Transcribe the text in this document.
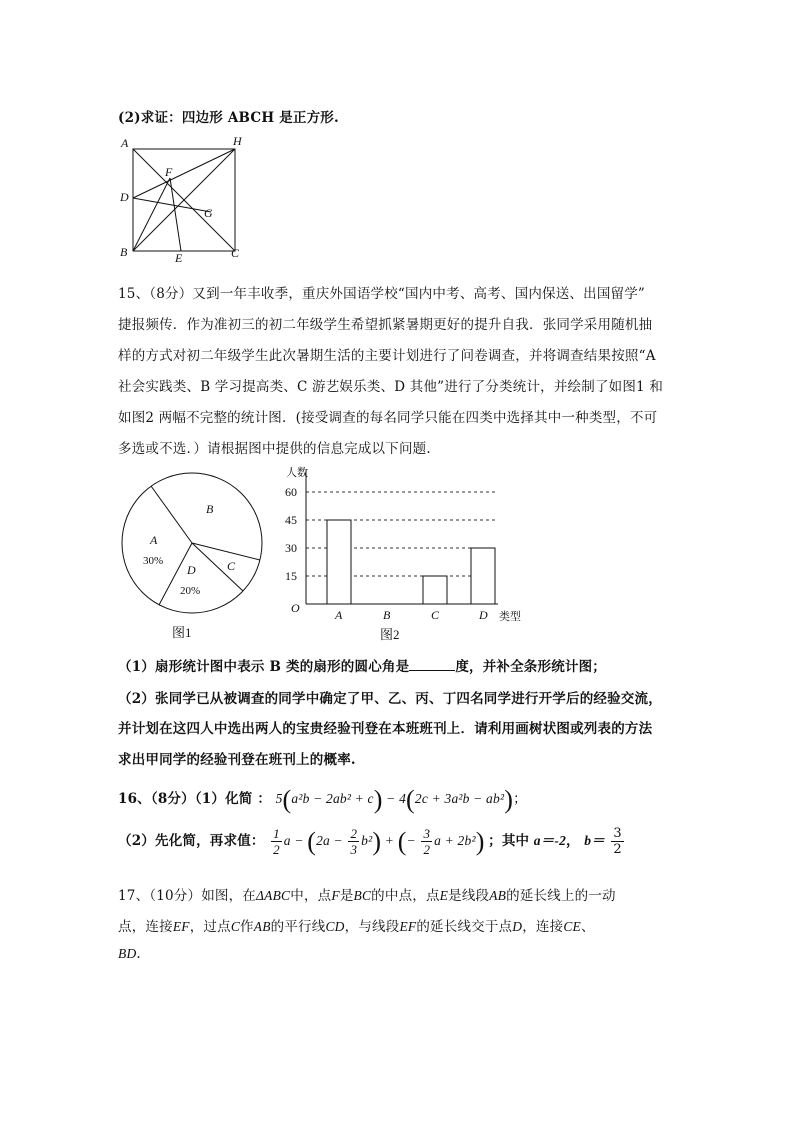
(2)求证：四边形 ABCH 是正方形.
A	H
D
F
G
B	E	C
15、（8分）又到一年丰收季，重庆外国语学校“国内中考、高考、国内保送、出国留学”
捷报频传．作为准初三的初二年级学生希望抓紧暑期更好的提升自我．张同学采用随机抽
样的方式对初二年级学生此次暑期生活的主要计划进行了问卷调查，并将调查结果按照“A
社会实践类、B 学习提高类、C 游艺娱乐类、D 其他”进行了分类统计，并绘制了如图1 和
如图2 两幅不完整的统计图．(接受调查的每名同学只能在四类中选择其中一种类型，不可
多选或不选．）请根据图中提供的信息完成以下问题.
A
30%
B
C
D
20%
图1
15
30
45
60
A	B	C	D
人数
类型
O
图2
（1）扇形统计图中表示 B 类的扇形的圆心角是	度，并补全条形统计图；
（2）张同学已从被调查的同学中确定了甲、乙、丙、丁四名同学进行开学后的经验交流，
并计划在这四人中选出两人的宝贵经验刊登在本班班刊上．请利用画树状图或列表的方法
求出甲同学的经验刊登在班刊上的概率.
16、（8分）（1）化简 ： 5(a²b − 2ab² + c) − 4(2c + 3a²b − ab²)；
（2）先化简，再求值： $\frac{1}{2}$ $a - (2a - \frac{2}{3} b^2)$ + (− $\frac{3}{2}$ a + 2b²) ；其中 a＝-2， $b= \frac{3}{2}$
17、（10分）如图，在ΔABC中，点F是BC的中点，点E是线段AB的延长线上的一动
点，连接EF，过点C作AB的平行线CD，与线段EF的延长线交于点D，连接CE、
BD.
